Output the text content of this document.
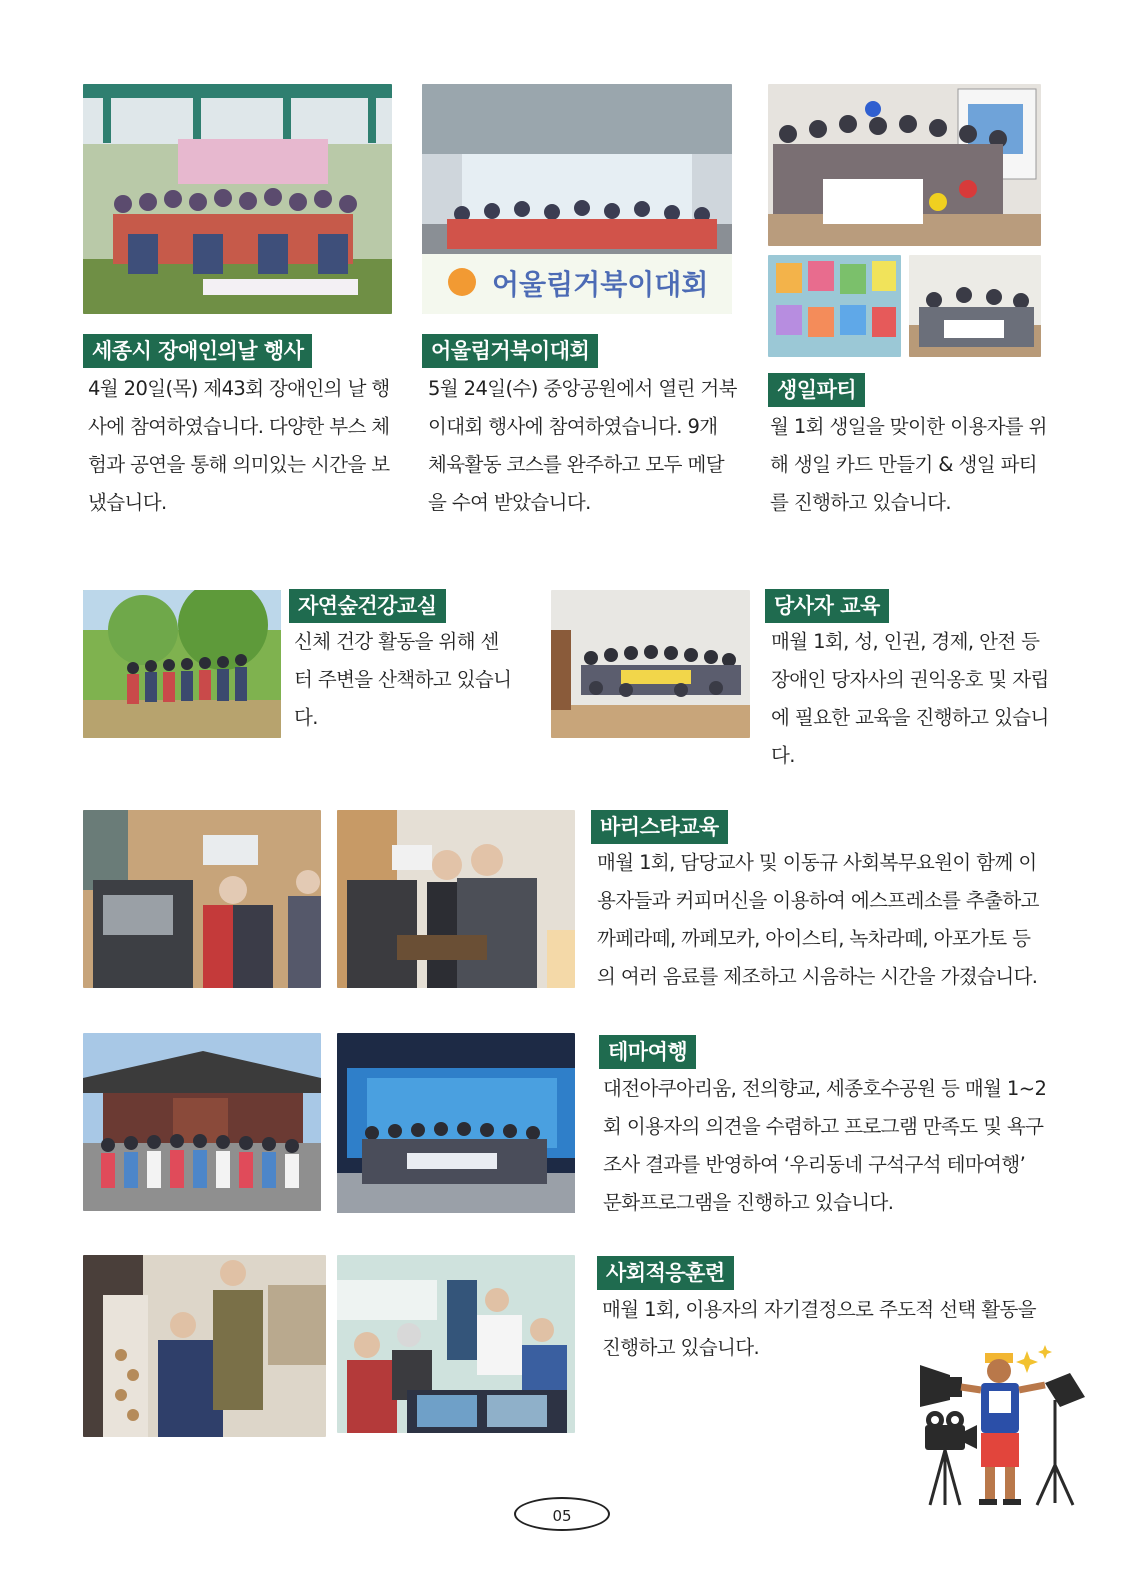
어울림거북이대회
세종시 장애인의날 행사

4월 20일(목) 제43회 장애인의 날 행사에 참여하였습니다. 다양한 부스 체험과 공연을 통해 의미있는 시간을 보냈습니다.

어울림거북이대회

5월 24일(수) 중앙공원에서 열린 거북이대회 행사에 참여하였습니다. 9개 체육활동 코스를 완주하고 모두 메달을 수여 받았습니다.

생일파티

월 1회 생일을 맞이한 이용자를 위해 생일 카드 만들기 & 생일 파티를 진행하고 있습니다.

자연숲건강교실

신체 건강 활동을 위해 센터 주변을 산책하고 있습니다.

당사자 교육

매월 1회, 성, 인권, 경제, 안전 등 장애인 당자사의 권익옹호 및 자립에 필요한 교육을 진행하고 있습니다.

바리스타교육

매월 1회, 담당교사 및 이동규 사회복무요원이 함께 이용자들과 커피머신을 이용하여 에스프레소를 추출하고 까페라떼, 까페모카, 아이스티, 녹차라떼, 아포가토 등의 여러 음료를 제조하고 시음하는 시간을 가졌습니다.

테마여행

대전아쿠아리움, 전의향교, 세종호수공원 등 매월 1~2회 이용자의 의견을 수렴하고 프로그램 만족도 및 욕구조사 결과를 반영하여 ‘우리동네 구석구석 테마여행’ 문화프로그램을 진행하고 있습니다.

사회적응훈련

매월 1회, 이용자의 자기결정으로 주도적 선택 활동을 진행하고 있습니다.

05
